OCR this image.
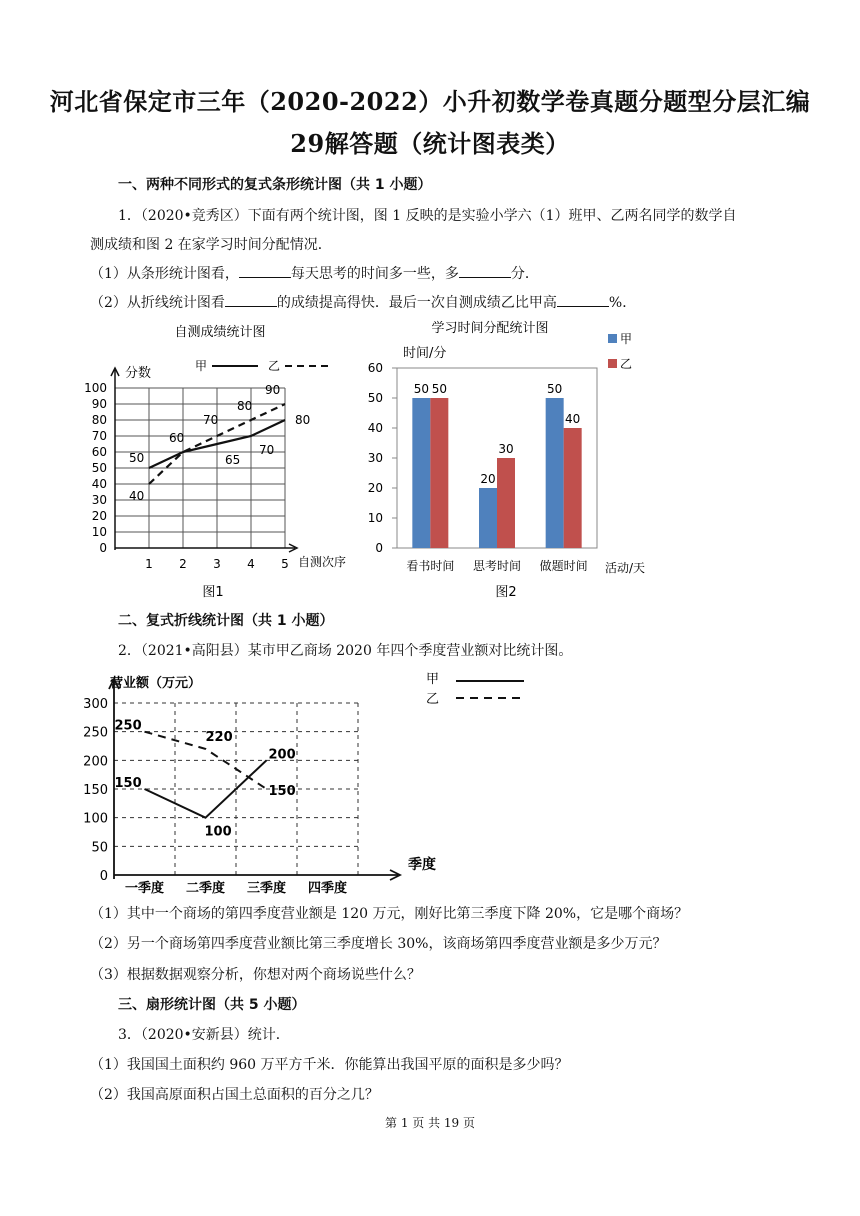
河北省保定市三年（2020-2022）小升初数学卷真题分题型分层汇编
29解答题（统计图表类）
一、两种不同形式的复式条形统计图（共 1 小题）
1．（2020•竞秀区）下面有两个统计图，图 1 反映的是实验小学六（1）班甲、乙两名同学的数学自
测成绩和图 2 在家学习时间分配情况．
（1）从条形统计图看，	每天思考的时间多一些，多	分．
（2）从折线统计图看	的成绩提高得快．最后一次自测成绩乙比甲高	%．
自测成绩统计图
分数
自测次序
图1
甲	乙
0
10
20
30
40
50
60
70
80
90
100
1 2 3 4 5
50	65
70
80
40
60
70
80
90
学习时间分配统计图
时间/分
活动/天
图2
甲
乙
0
10
20
30
40
50
60
看书时间 思考时间 做题时间
50 50
20
30
50
40
二、复式折线统计图（共 1 小题）
2．（2021•高阳县）某市甲乙商场 2020 年四个季度营业额对比统计图。
营业额（万元）
季度
甲
乙
0
50
100
150
200
250
300
一季度 二季度 三季度 四季度
150
100
200
250
220
150
（1）其中一个商场的第四季度营业额是 120 万元，刚好比第三季度下降 20%，它是哪个商场？
（2）另一个商场第四季度营业额比第三季度增长 30%，该商场第四季度营业额是多少万元？
（3）根据数据观察分析，你想对两个商场说些什么？
三、扇形统计图（共 5 小题）
3．（2020•安新县）统计．
（1）我国国土面积约 960 万平方千米．你能算出我国平原的面积是多少吗？
（2）我国高原面积占国土总面积的百分之几？
第 1 页 共 19 页
